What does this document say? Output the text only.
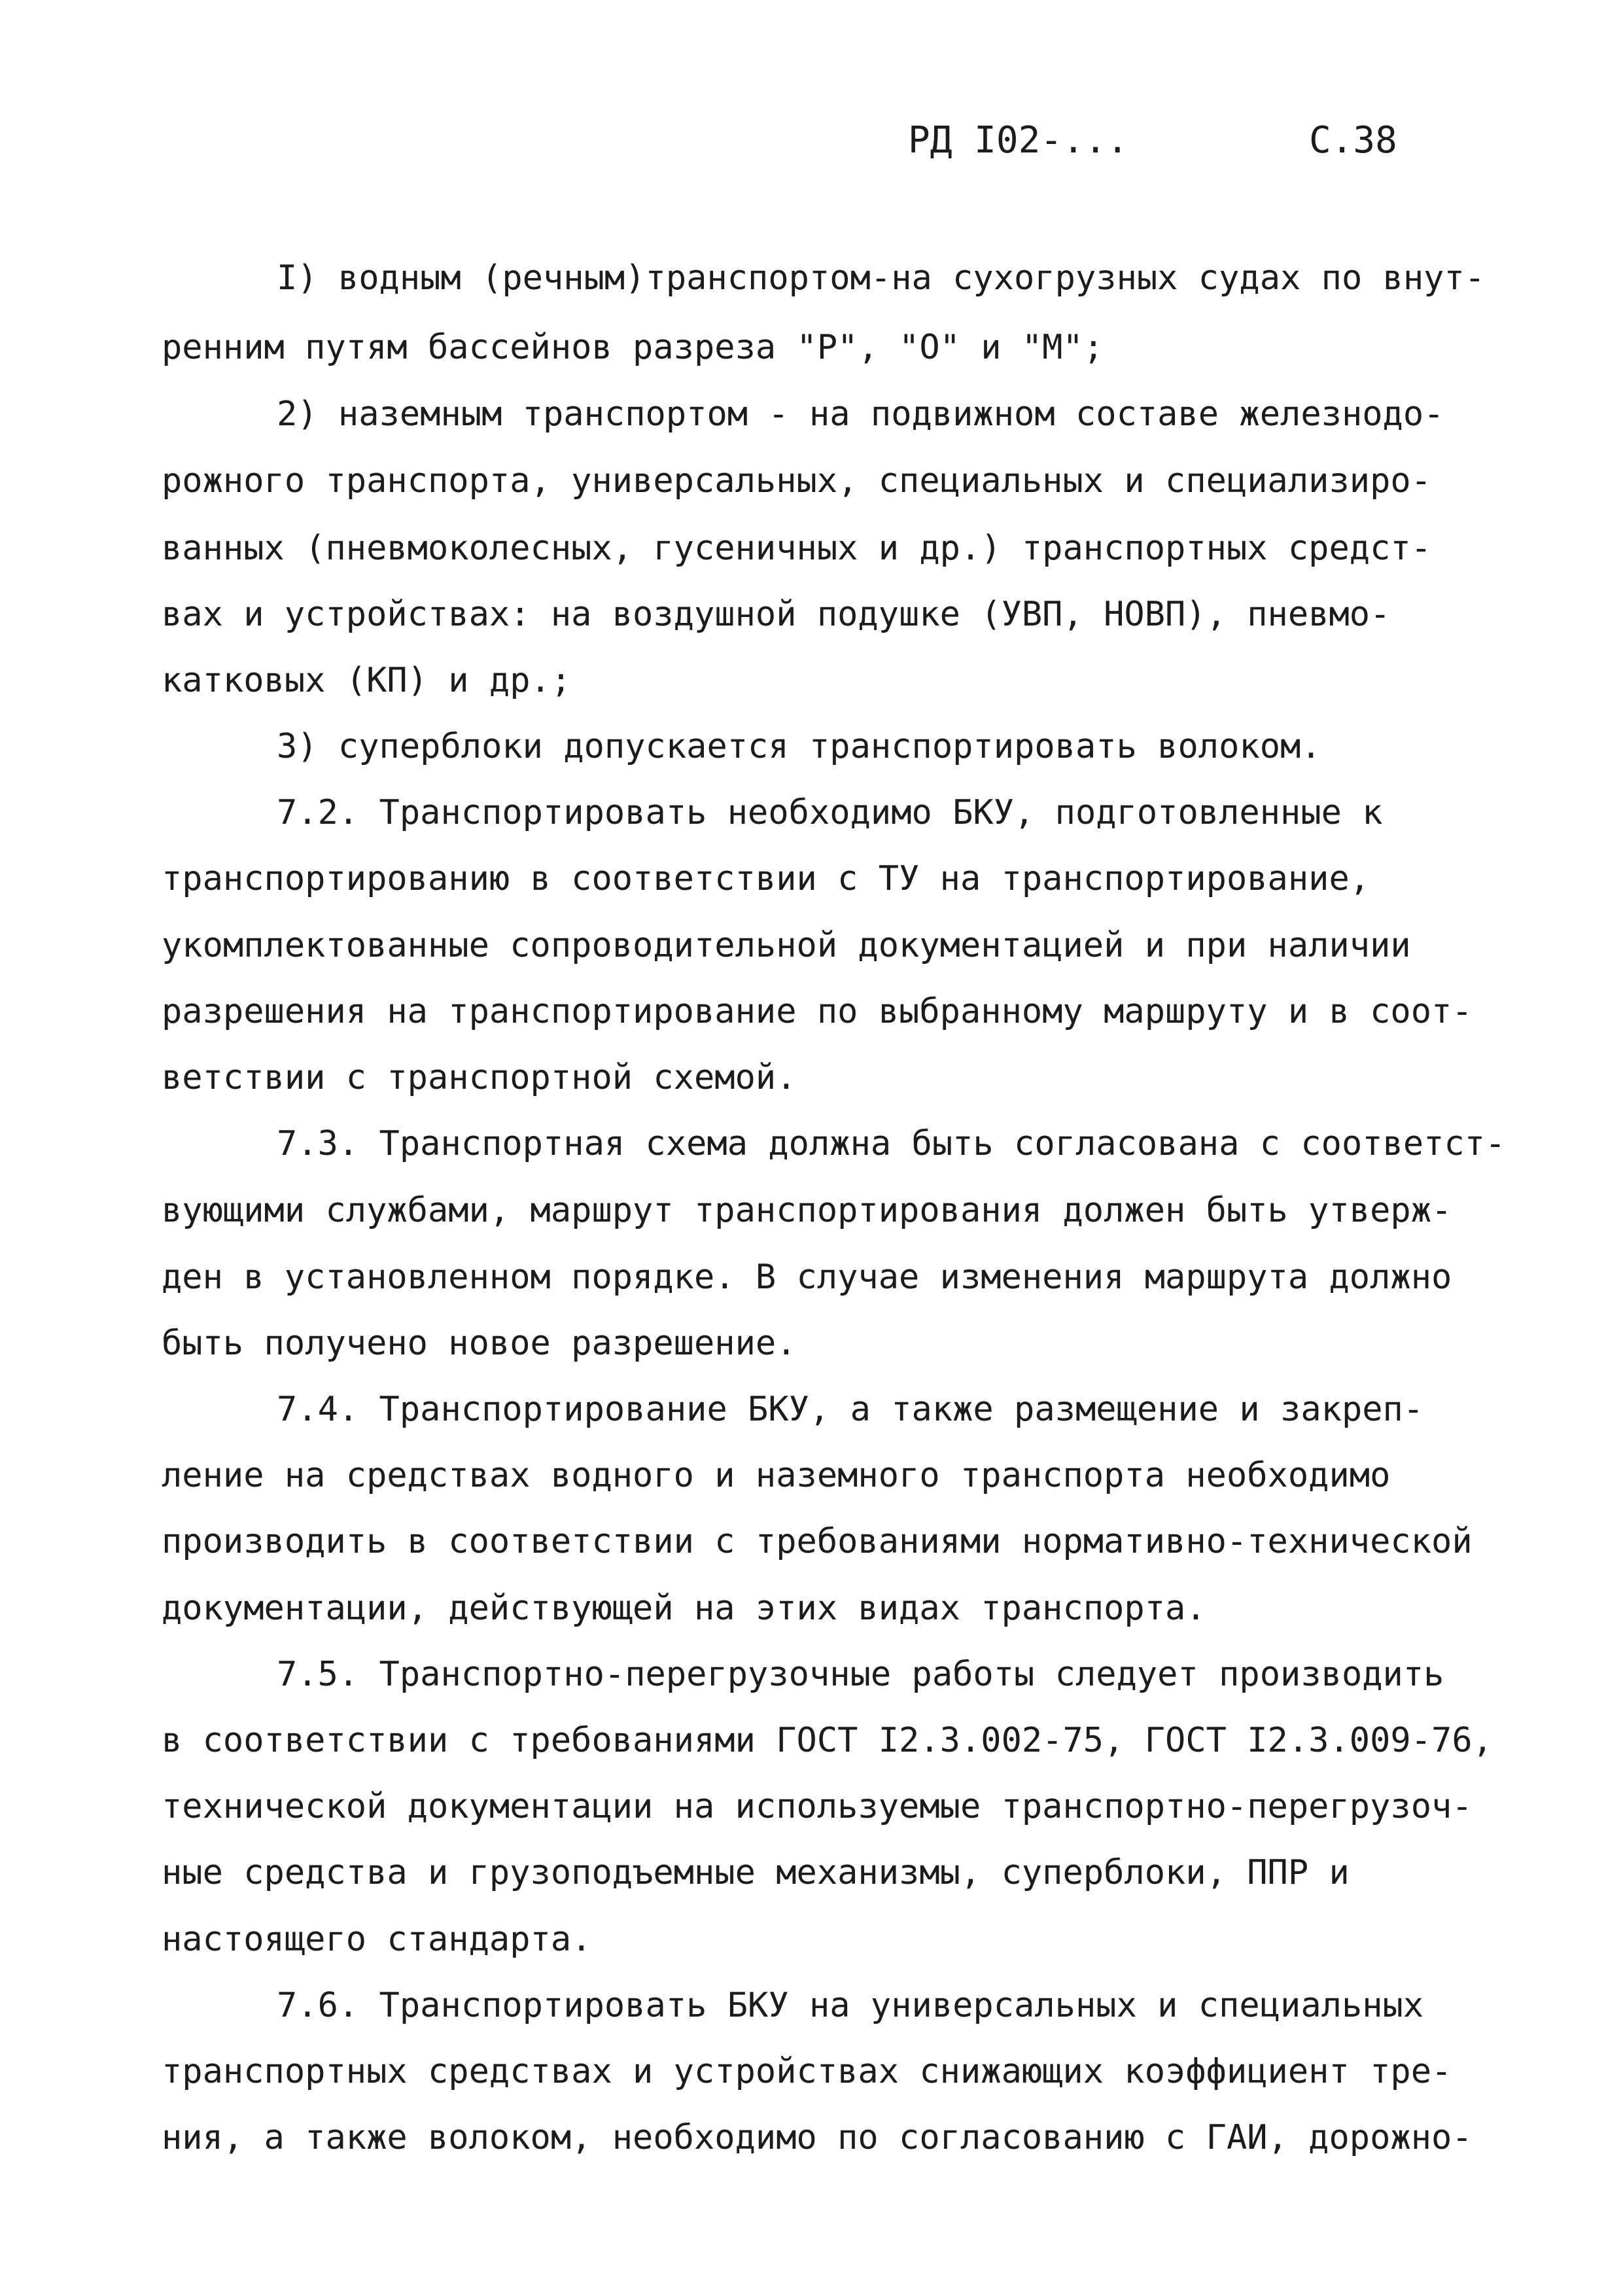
РД I02-...	С.38
I) водным (речным)транспортом-на сухогрузных судах по внут-
ренним путям бассейнов разреза "Р", "О" и "М";
2) наземным транспортом - на подвижном составе железнодо-
рожного транспорта, универсальных, специальных и специализиро-
ванных (пневмоколесных, гусеничных и др.) транспортных средст-
вах и устройствах: на воздушной подушке (УВП, НОВП), пневмо-
катковых (КП) и др.;
3) суперблоки допускается транспортировать волоком.
7.2. Транспортировать необходимо БКУ, подготовленные к
транспортированию в соответствии с ТУ на транспортирование,
укомплектованные сопроводительной документацией и при наличии
разрешения на транспортирование по выбранному маршруту и в соот-
ветствии с транспортной схемой.
7.3. Транспортная схема должна быть согласована с соответст-
вующими службами, маршрут транспортирования должен быть утверж-
ден в установленном порядке. В случае изменения маршрута должно
быть получено новое разрешение.
7.4. Транспортирование БКУ, а также размещение и закреп-
ление на средствах водного и наземного транспорта необходимо
производить в соответствии с требованиями нормативно-технической
документации, действующей на этих видах транспорта.
7.5. Транспортно-перегрузочные работы следует производить
в соответствии с требованиями ГОСТ I2.3.002-75, ГОСТ I2.3.009-76,
технической документации на используемые транспортно-перегрузоч-
ные средства и грузоподъемные механизмы, суперблоки, ППР и
настоящего стандарта.
7.6. Транспортировать БКУ на универсальных и специальных
транспортных средствах и устройствах снижающих коэффициент тре-
ния, а также волоком, необходимо по согласованию с ГАИ, дорожно-
